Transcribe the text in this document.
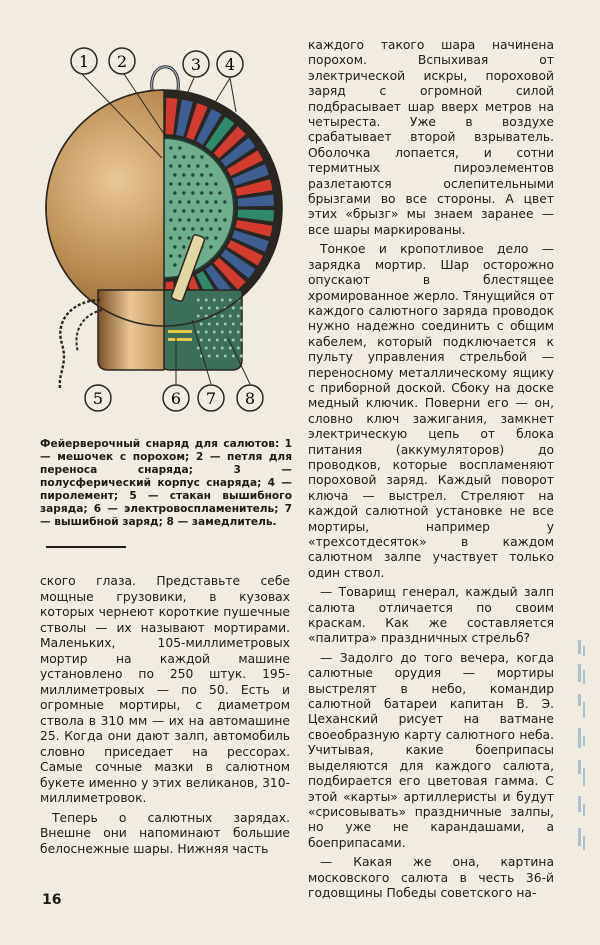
1 2	3 4
5	6 7 8

Фейерверочный снаряд для салютов: 1 — мешочек с порохом; 2 — петля для переноса снаряда; 3 — полусферический корпус снаряда; 4 — пиролемент; 5 — стакан вышибного заряда; 6 — электровоспламенитель; 7 — вышибной заряд; 8 — замедлитель.

ского глаза. Представьте себе мощные грузовики, в кузовах которых чернеют короткие пушечные стволы — их называют мортирами. Маленьких, 105-миллиметровых мортир на каждой машине установлено по 250 штук. 195-миллиметровых — по 50. Есть и огромные мортиры, с диаметром ствола в 310 мм — их на автомашине 25. Когда они дают залп, автомобиль словно приседает на рессорах. Самые сочные мазки в салютном букете именно у этих великанов, 310-миллиметровок.

Теперь о салютных зарядах. Внешне они напоминают большие белоснежные шары. Нижняя часть

каждого такого шара начинена порохом. Вспыхивая от электрической искры, пороховой заряд с огромной силой подбрасывает шар вверх метров на четыреста. Уже в воздухе срабатывает второй взрыватель. Оболочка лопается, и сотни термитных пироэлементов разлетаются ослепительными брызгами во все стороны. А цвет этих «брызг» мы знаем заранее — все шары маркированы.

Тонкое и кропотливое дело — зарядка мортир. Шар осторожно опускают в блестящее хромированное жерло. Тянущийся от каждого салютного заряда проводок нужно надежно соединить с общим кабелем, который подключается к пульту управления стрельбой — переносному металлическому ящику с приборной доской. Сбоку на доске медный ключик. Поверни его — он, словно ключ зажигания, замкнет электрическую цепь от блока питания (аккумуляторов) до проводков, которые воспламеняют пороховой заряд. Каждый поворот ключа — выстрел. Стреляют на каждой салютной установке не все мортиры, например у «трехсотдесяток» в каждом салютном залпе участвует только один ствол.

— Товарищ генерал, каждый залп салюта отличается по своим краскам. Как же составляется «палитра» праздничных стрельб?

— Задолго до того вечера, когда салютные орудия — мортиры выстрелят в небо, командир салютной батареи капитан В. Э. Цеханский рисует на ватмане своеобразную карту салютного неба. Учитывая, какие боеприпасы выделяются для каждого салюта, подбирается его цветовая гамма. С этой «карты» артиллеристы и будут «срисовывать» праздничные залпы, но уже не карандашами, а боеприпасами.

— Какая же она, картина московского салюта в честь 36-й годовщины Победы советского на-

16
